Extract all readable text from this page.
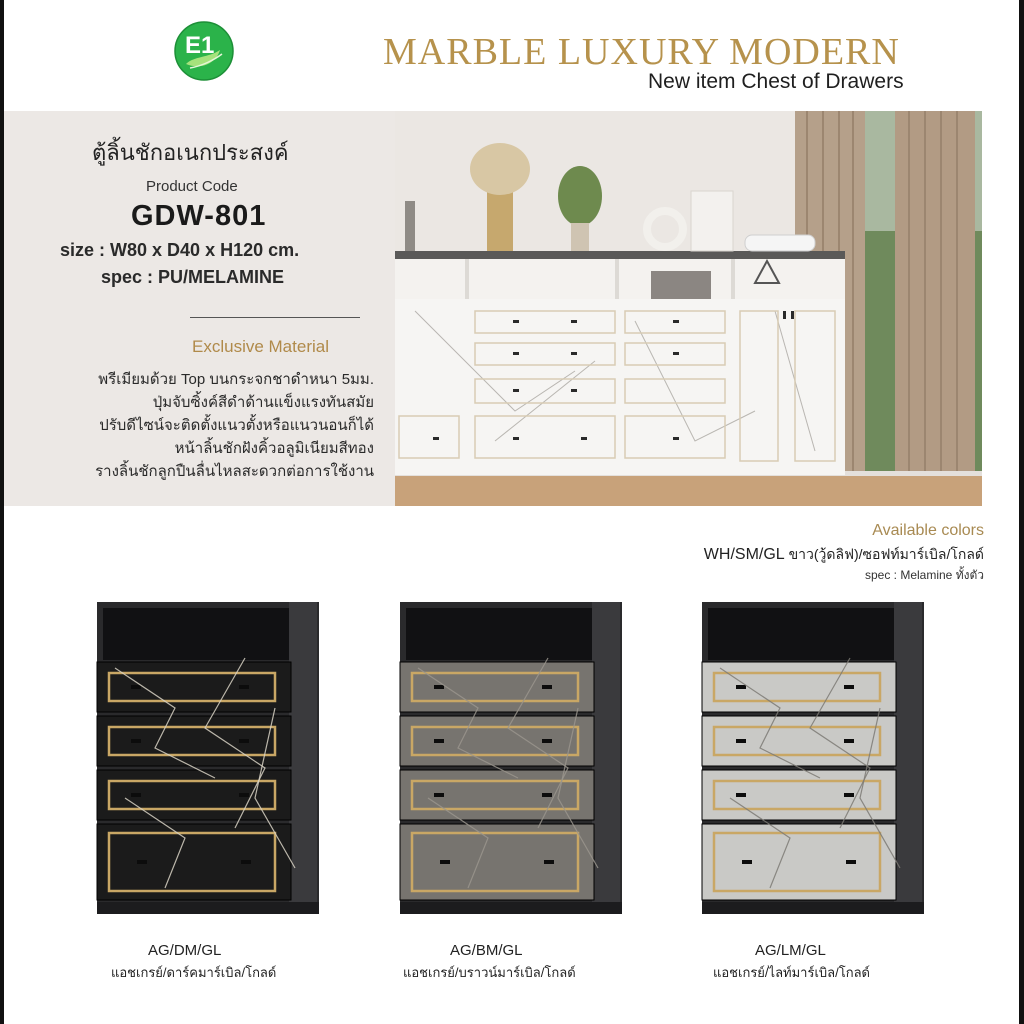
E1	MARBLE LUXURY MODERN
New item Chest of Drawers
ตู้ลิ้นชักอเนกประสงค์
Product Code
GDW-801
size : W80 x D40 x H120 cm.
spec : PU/MELAMINE
Exclusive Material
พรีเมียมด้วย Top บนกระจกชาดำหนา 5มม.
ปุ่มจับซิ้งค์สีดำด้านแข็งแรงทันสมัย
ปรับดีไซน์จะติดตั้งแนวตั้งหรือแนวนอนก็ได้
หน้าลิ้นชักฝังคิ้วอลูมิเนียมสีทอง
รางลิ้นชักลูกปืนลื่นไหลสะดวกต่อการใช้งาน
Available colors
WH/SM/GL ขาว(วู้ดลิฟ)/ซอฟท์มาร์เบิล/โกลด์
spec : Melamine ทั้งตัว
AG/DM/GL
แอชเกรย์/ดาร์คมาร์เบิล/โกลด์
AG/BM/GL
แอชเกรย์/บราวน์มาร์เบิล/โกลด์
AG/LM/GL
แอชเกรย์/ไลท์มาร์เบิล/โกลด์
